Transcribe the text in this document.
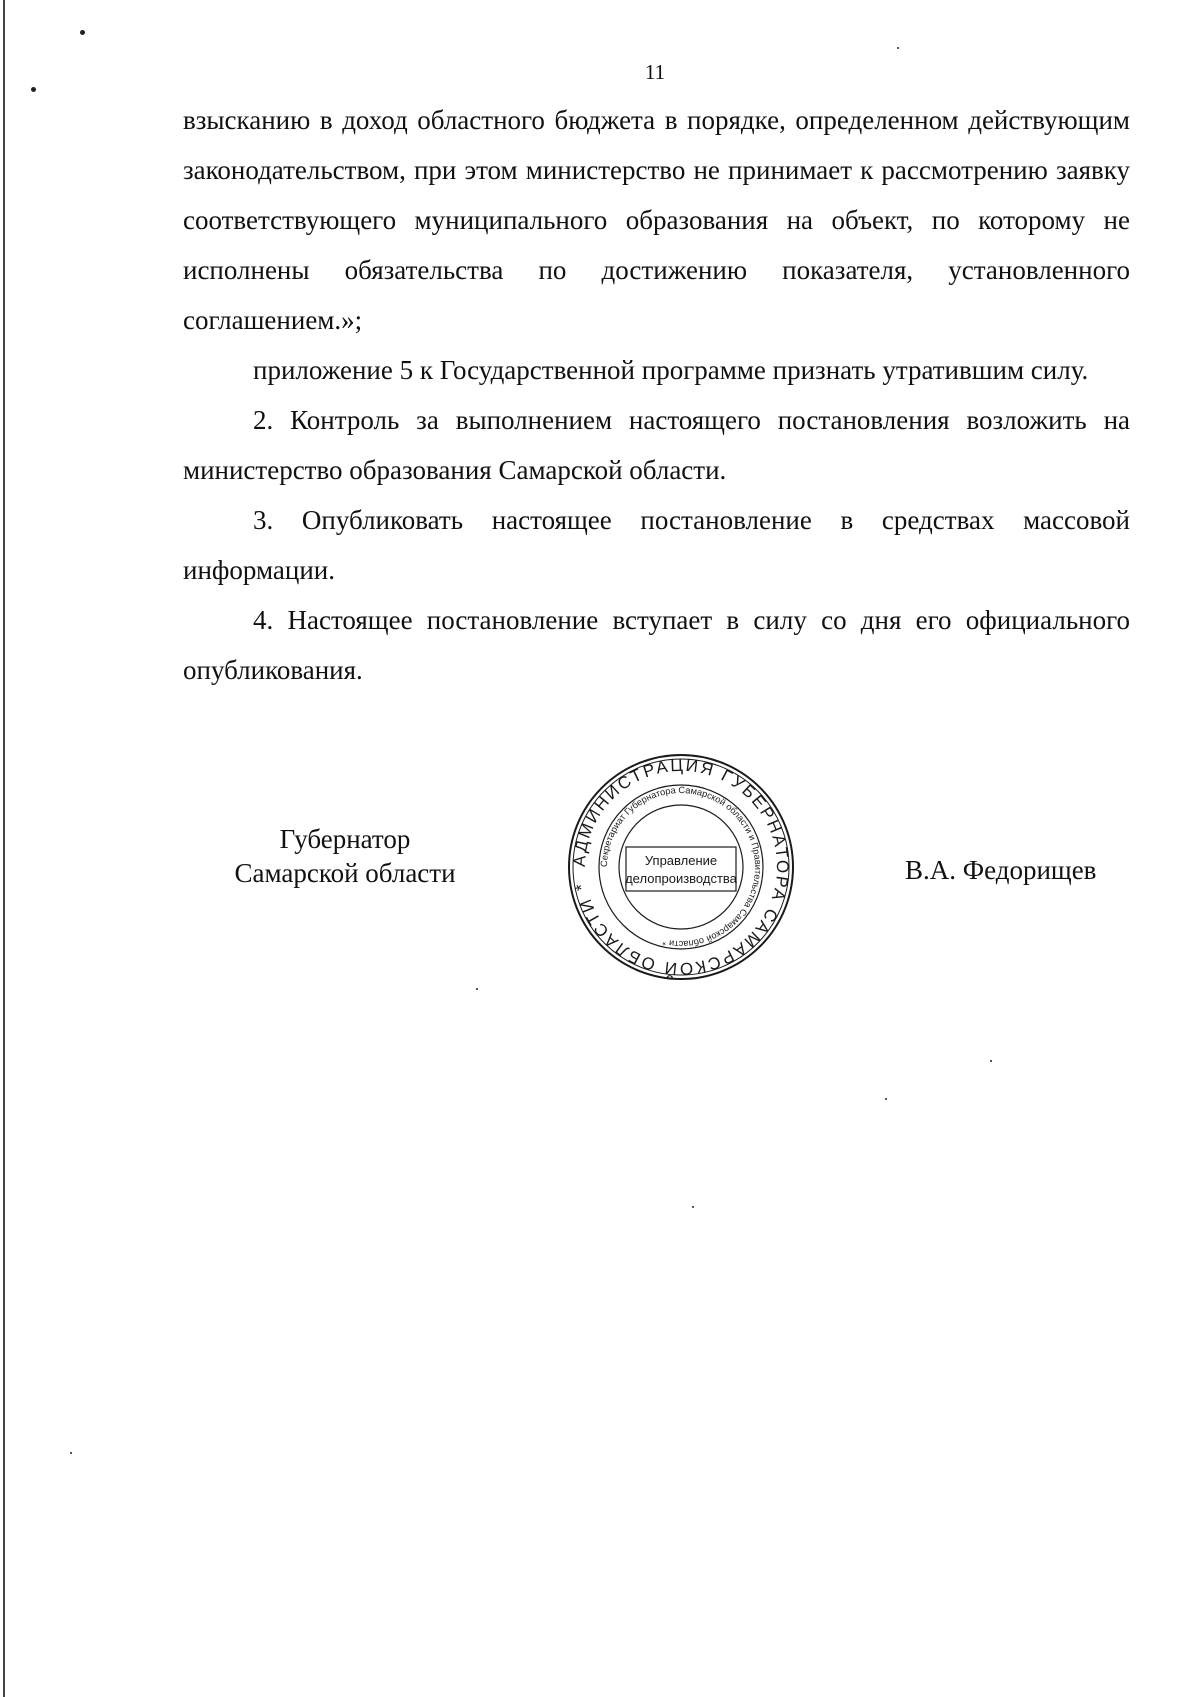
11

взысканию в доход областного бюджета в порядке, определенном действующим законодательством, при этом министерство не принимает к рассмотрению заявку соответствующего муниципального образования на объект, по которому не исполнены обязательства по достижению показателя, установленного соглашением.»;

приложение 5 к Государственной программе признать утратившим силу.

2. Контроль за выполнением настоящего постановления возложить на министерство образования Самарской области.

3. Опубликовать настоящее постановление в средствах массовой информации.

4. Настоящее постановление вступает в силу со дня его официального опубликования.

Губернатор
Самарской области	АДМИНИСТРАЦИЯ ГУБЕРНАТОРА САМАРСКОЙ ОБЛАСТИ *
Секретариат Губернатора Самарской области и Правительства Самарской области *
Управление
делопроизводства	В.А. Федорищев
